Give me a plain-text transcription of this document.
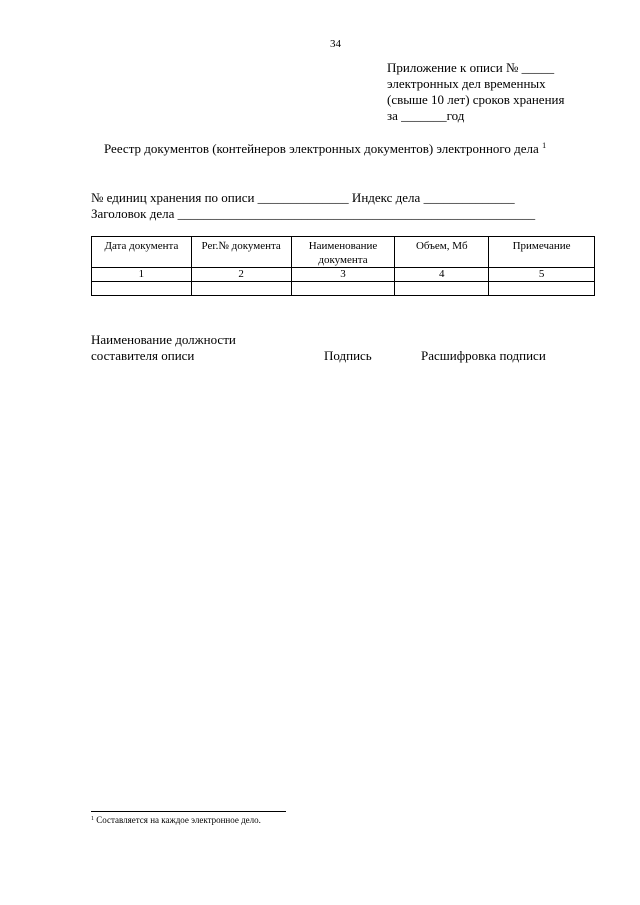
34
Приложение к описи № _____
электронных дел временных
(свыше 10 лет) сроков хранения
за _______год
Реестр документов (контейнеров электронных документов) электронного дела $^1$
№ единиц хранения по описи ______________ Индекс дела ______________
Заголовок дела _______________________________________________________
Дата документа	Рег.№ документа	Наименование документа	Объем, Мб	Примечание
1	2	3	4	5

Наименование должности
составителя описи	Подпись	Расшифровка подписи
$^1$ Составляется на каждое электронное дело.
